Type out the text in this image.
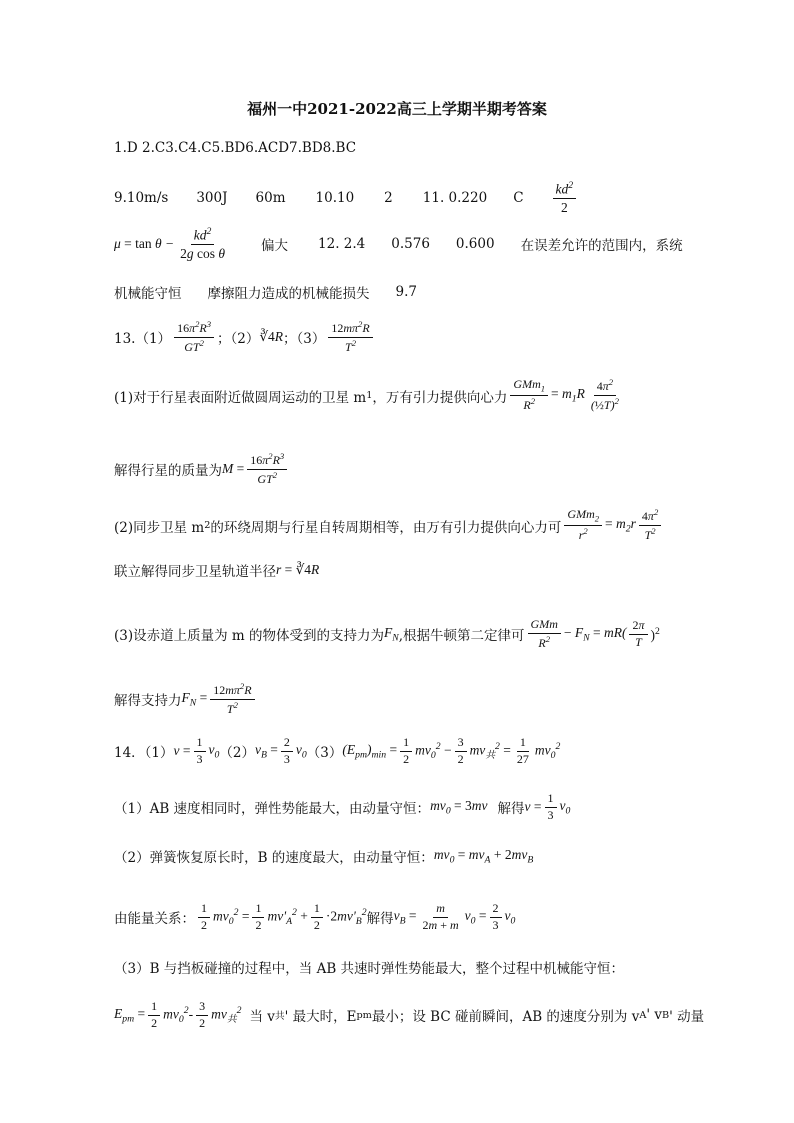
福州一中2021-2022高三上学期半期考答案
1.D 2.C3.C4.C5.BD6.ACD7.BD8.BC
9.10m/s 300J 60m 10.10 2 11. 0.220 C $\frac{kd^2}{2}$
$\mu = \tan \theta - \frac{kd^2}{\text{2g cos θ}}$ 偏大 12. 2.4 0.576 0.600 在误差允许的范围内，系统
机械能守恒 摩擦阻力造成的机械能损失 9.7
$13.(1) \frac{16\pi^2R^3}{GT^2}$ ；（2） ∛4R ；$(3) \frac{12m\pi^2R}{T^2}$
(1)对于行星表面附近做圆周运动的卫星 m 1 ，万有引力提供向心力 $\frac{GMm_1}{R^2} = m_1R \frac{4\pi^2}{(\frac{1}{2}T)^2}$
解得行星的质量为 $M = \frac{16\pi^2R^3}{GT^2}$
(2)同步卫星 m 2 的环绕周期与行星自转周期相等，由万有引力提供向心力可 $\frac{GMm_2}{r^2} = m_2r \frac{4\pi^2}{T^2}$
联立解得同步卫星轨道半径 r = ∛4R
(3)设赤道上质量为 m 的物体受到的支持力为 $F_N$ ,根据牛顿第二定律可 $\frac{\text{GMm}}{R^2} - F_N = mR( \frac{2\pi}{T} )^2$
解得支持力 $F_N = \frac{12m\pi^2R}{T^2}$
14．（1） $v = \frac{1}{3} v_0$ （2） $v_B = \frac{2}{3} v_0$ （3） $(E_{pm})_{min} = \frac{1}{2} mv_0^2 - \frac{3}{2} mv_共^2 = \frac{1}{27} mv_0^2$
（1）AB 速度相同时，弹性势能最大，由动量守恒： $mv_0 = 3mv$ 解得 $v = \frac{1}{3} v_0$
（2）弹簧恢复原长时，B 的速度最大，由动量守恒： $mv_0 = mv_A + 2mv_B$
由能量关系： $\frac{1}{2} mv_0^2 = \frac{1}{2} mv'_A^2 + \frac{1}{2} \cdot 2mv'_B^2$ 解得 $v_B = \frac{m}{2m + m} v_0 = \frac{2}{3} v_0$
（3）B 与挡板碰撞的过程中，当 AB 共速时弹性势能最大，整个过程中机械能守恒：
$E_{pm} = \frac{1}{2} mv_0^2- \frac{3}{2} mv_共^2$ 当 v 共 ' 最大时，E pm 最小；设 BC 碰前瞬间，AB 的速度分别为 v A ' v B ' 动量
